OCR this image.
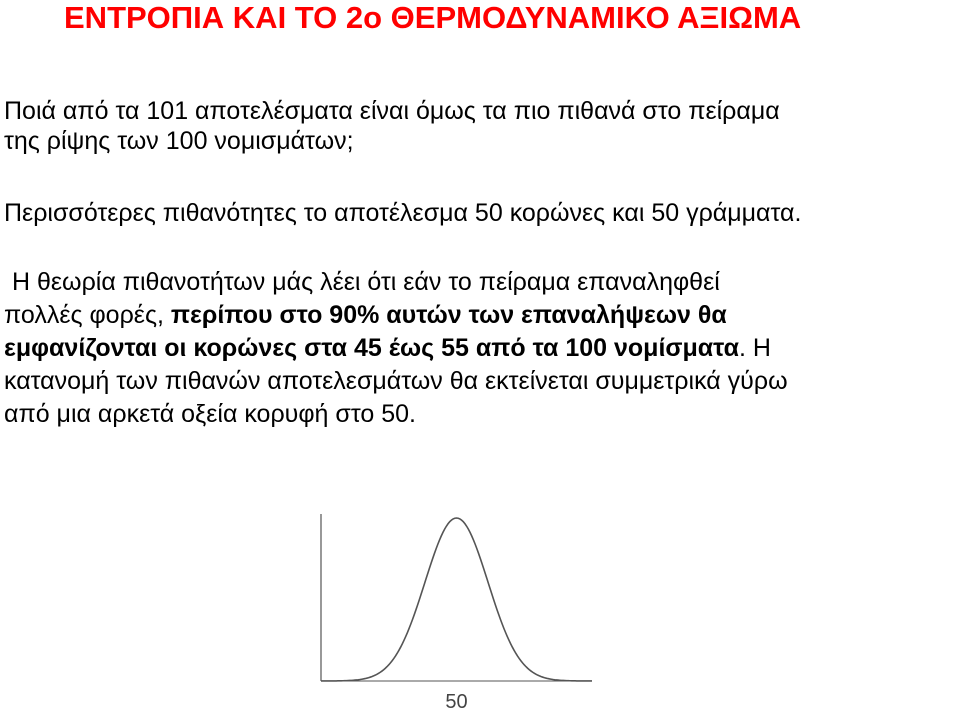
ΕΝΤΡΟΠΙΑ ΚΑΙ ΤΟ 2ο ΘΕΡΜΟΔΥΝΑΜΙΚΟ ΑΞΙΩΜΑ

Ποιά από τα 101 αποτελέσματα είναι όμως τα πιο πιθανά στο πείραμα
της ρίψης των 100 νομισμάτων;

Περισσότερες πιθανότητες το αποτέλεσμα 50 κορώνες και 50 γράμματα.

Η θεωρία πιθανοτήτων μάς λέει ότι εάν το πείραμα επαναληφθεί
πολλές φορές, περίπου στο 90% αυτών των επαναλήψεων θα
εμφανίζονται οι κορώνες στα 45 έως 55 από τα 100 νομίσματα. Η
κατανομή των πιθανών αποτελεσμάτων θα εκτείνεται συμμετρικά γύρω
από μια αρκετά οξεία κορυφή στο 50.

50
